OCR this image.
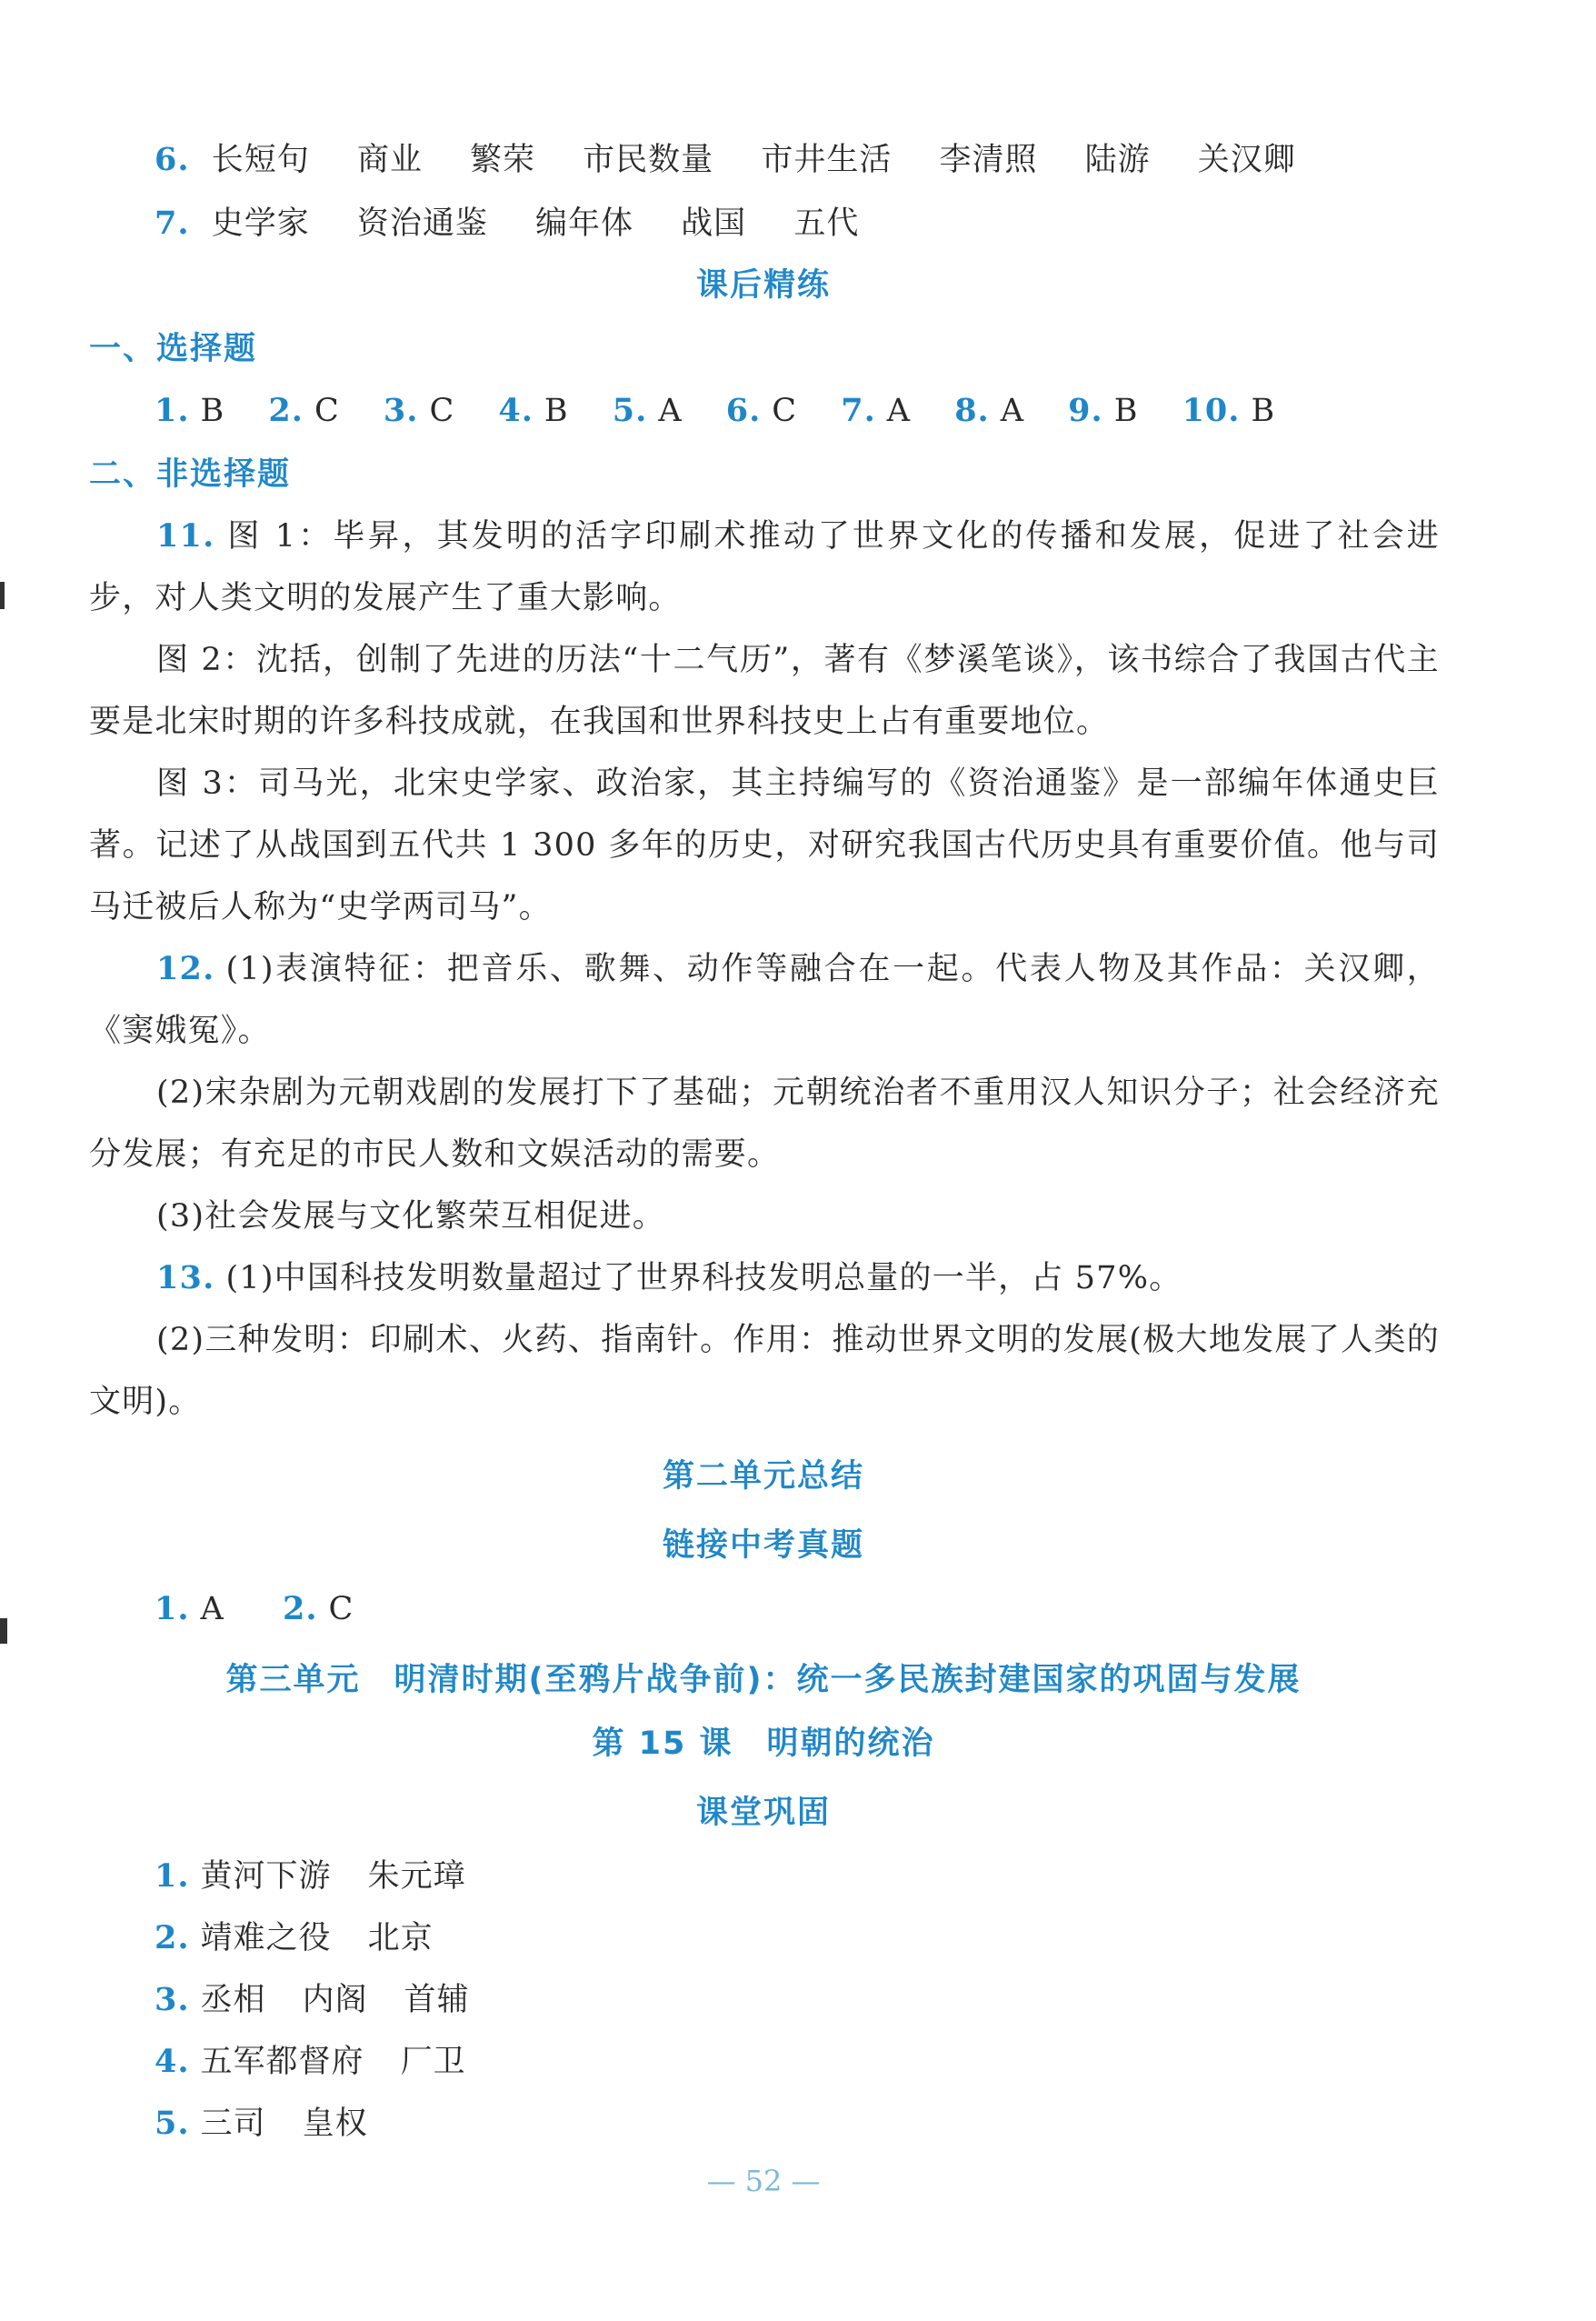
6. 长短句 商业 繁荣 市民数量 市井生活 李清照 陆游 关汉卿
7. 史学家 资治通鉴 编年体 战国 五代
课后精练
一、选择题
1. B 2. C 3. C 4. B 5. A 6. C 7. A 8. A 9. B 10. B
二、非选择题
11. 图 1：毕昇，其发明的活字印刷术推动了世界文化的传播和发展，促进了社会进步，对人类文明的发展产生了重大影响。
图 2：沈括，创制了先进的历法“十二气历”，著有《梦溪笔谈》，该书综合了我国古代主要是北宋时期的许多科技成就，在我国和世界科技史上占有重要地位。
图 3：司马光，北宋史学家、政治家，其主持编写的《资治通鉴》是一部编年体通史巨著。记述了从战国到五代共 1 300 多年的历史，对研究我国古代历史具有重要价值。他与司马迁被后人称为“史学两司马”。
12. (1)表演特征：把音乐、歌舞、动作等融合在一起。代表人物及其作品：关汉卿，《窦娥冤》。
(2)宋杂剧为元朝戏剧的发展打下了基础；元朝统治者不重用汉人知识分子；社会经济充分发展；有充足的市民人数和文娱活动的需要。
(3)社会发展与文化繁荣互相促进。
13. (1)中国科技发明数量超过了世界科技发明总量的一半，占 57%。
(2)三种发明：印刷术、火药、指南针。作用：推动世界文明的发展(极大地发展了人类的文明)。
第二单元总结
链接中考真题
1. A 2. C
第三单元　明清时期(至鸦片战争前)：统一多民族封建国家的巩固与发展
第 15 课　明朝的统治
课堂巩固
1. 黄河下游 朱元璋
2. 靖难之役 北京
3. 丞相 内阁 首辅
4. 五军都督府 厂卫
5. 三司 皇权
— 52 —
